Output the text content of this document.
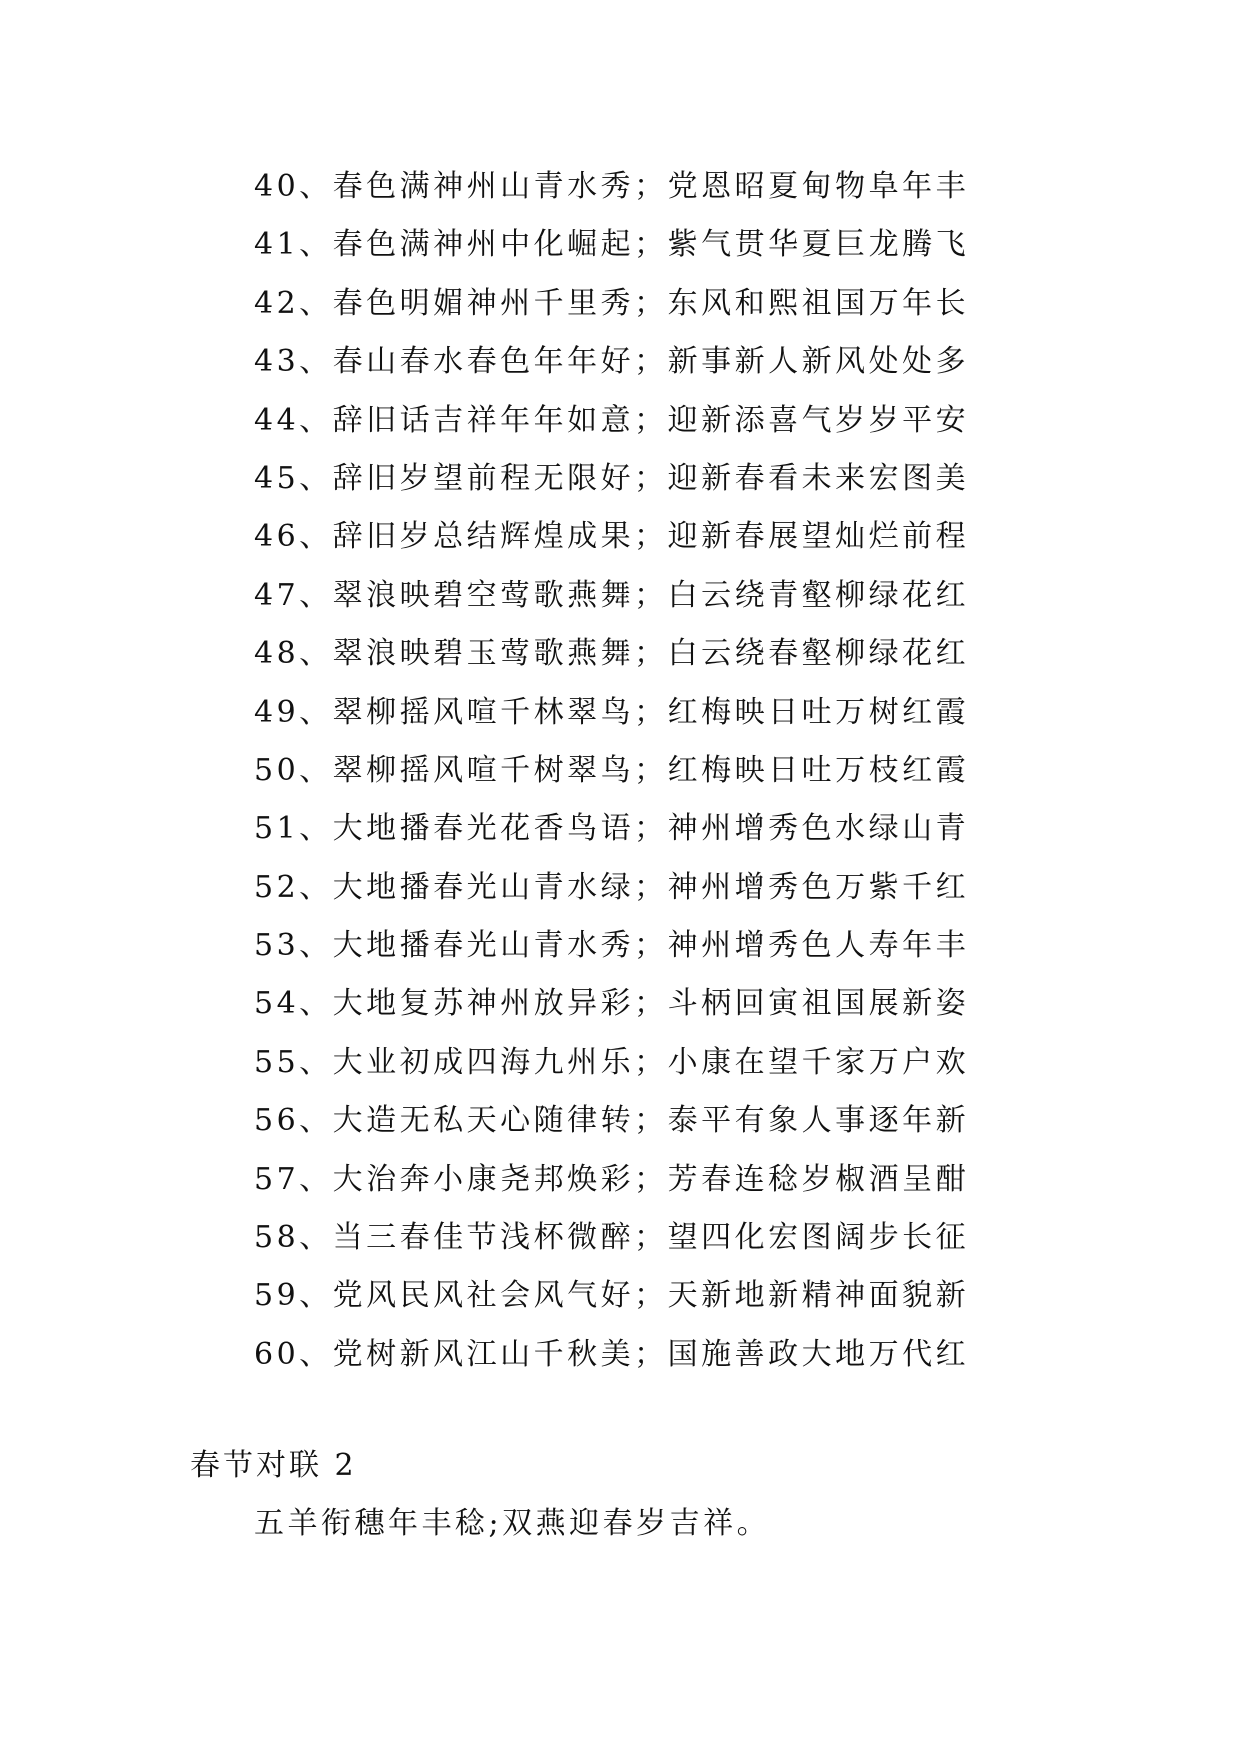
40、春色满神州山青水秀；党恩昭夏甸物阜年丰
41、春色满神州中化崛起；紫气贯华夏巨龙腾飞
42、春色明媚神州千里秀；东风和熙祖国万年长
43、春山春水春色年年好；新事新人新风处处多
44、辞旧话吉祥年年如意；迎新添喜气岁岁平安
45、辞旧岁望前程无限好；迎新春看未来宏图美
46、辞旧岁总结辉煌成果；迎新春展望灿烂前程
47、翠浪映碧空莺歌燕舞；白云绕青壑柳绿花红
48、翠浪映碧玉莺歌燕舞；白云绕春壑柳绿花红
49、翠柳摇风喧千林翠鸟；红梅映日吐万树红霞
50、翠柳摇风喧千树翠鸟；红梅映日吐万枝红霞
51、大地播春光花香鸟语；神州增秀色水绿山青
52、大地播春光山青水绿；神州增秀色万紫千红
53、大地播春光山青水秀；神州增秀色人寿年丰
54、大地复苏神州放异彩；斗柄回寅祖国展新姿
55、大业初成四海九州乐；小康在望千家万户欢
56、大造无私天心随律转；泰平有象人事逐年新
57、大治奔小康尧邦焕彩；芳春连稔岁椒酒呈酣
58、当三春佳节浅杯微醉；望四化宏图阔步长征
59、党风民风社会风气好；天新地新精神面貌新
60、党树新风江山千秋美；国施善政大地万代红
春节对联 2
五羊衔穗年丰稔;双燕迎春岁吉祥。
